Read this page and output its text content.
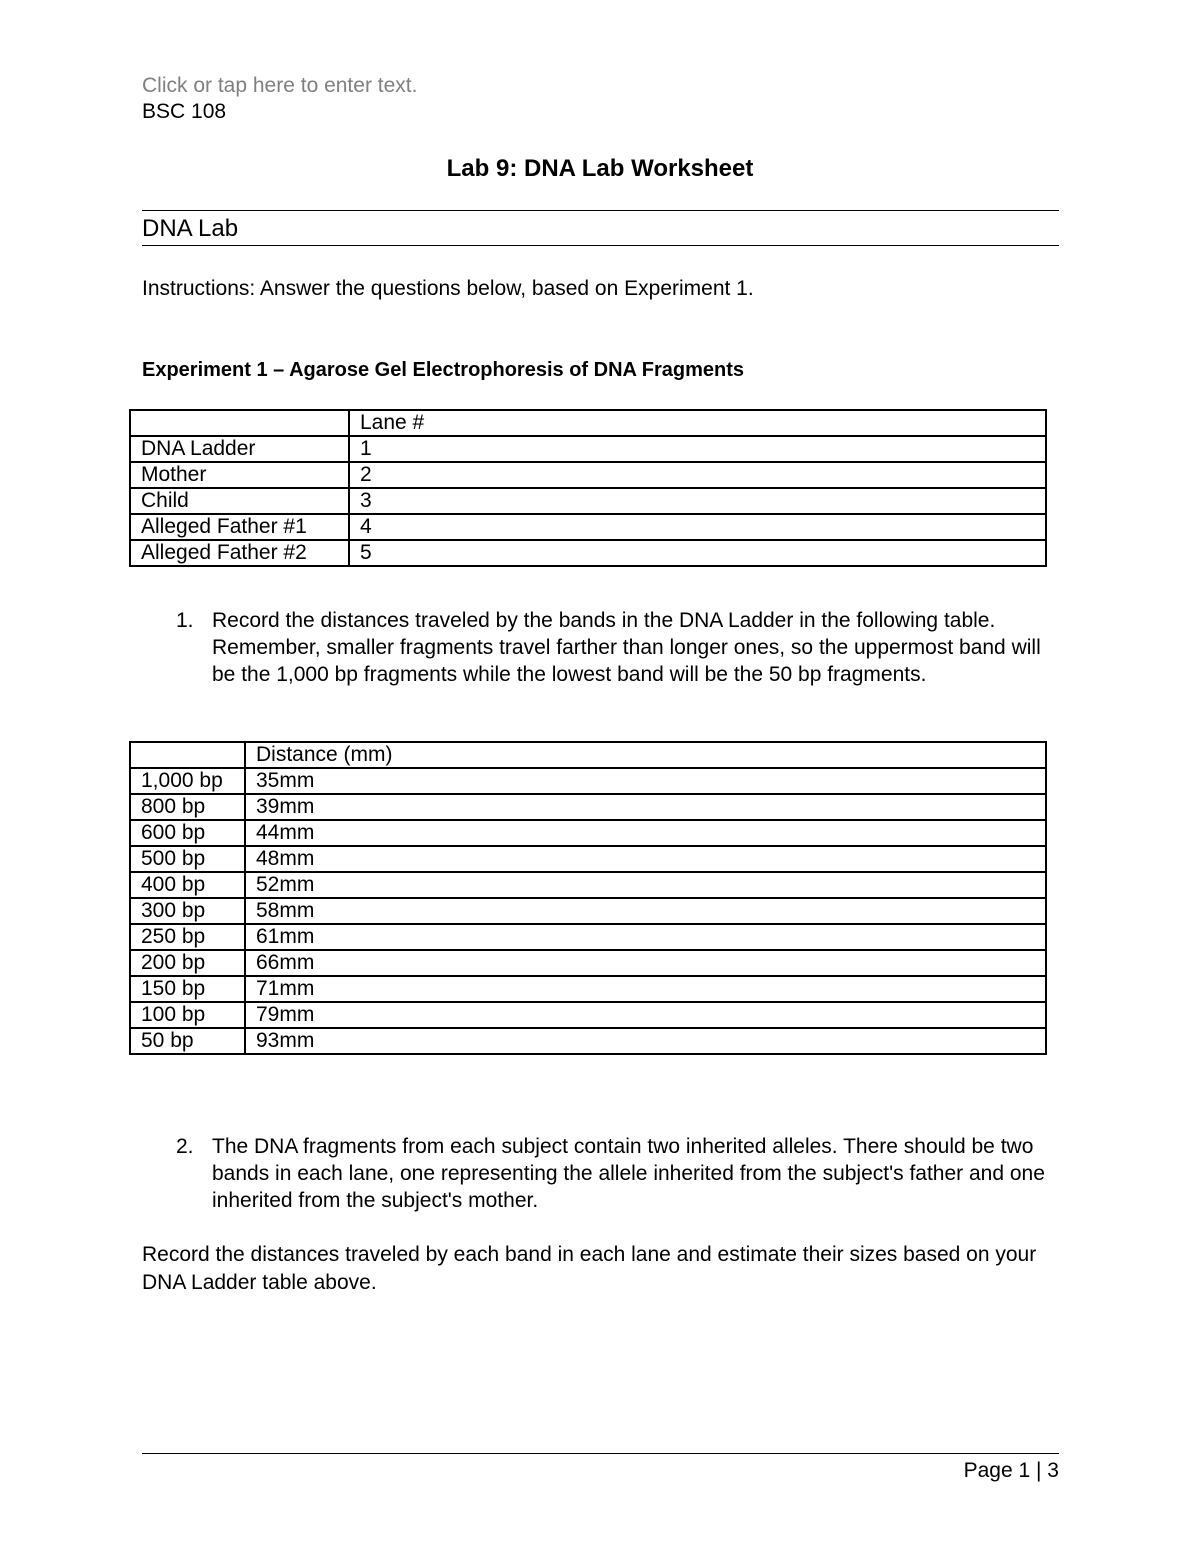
Click or tap here to enter text.
BSC 108
Lab 9: DNA Lab Worksheet
DNA Lab
Instructions: Answer the questions below, based on Experiment 1.
Experiment 1 – Agarose Gel Electrophoresis of DNA Fragments
	Lane #
DNA Ladder	1
Mother	2
Child	3
Alleged Father #1	4
Alleged Father #2	5
1. Record the distances traveled by the bands in the DNA Ladder in the following table. Remember, smaller fragments travel farther than longer ones, so the uppermost band will be the 1,000 bp fragments while the lowest band will be the 50 bp fragments.
	Distance (mm)
1,000 bp	35mm
800 bp	39mm
600 bp	44mm
500 bp	48mm
400 bp	52mm
300 bp	58mm
250 bp	61mm
200 bp	66mm
150 bp	71mm
100 bp	79mm
50 bp	93mm
2. The DNA fragments from each subject contain two inherited alleles. There should be two bands in each lane, one representing the allele inherited from the subject's father and one inherited from the subject's mother.
Record the distances traveled by each band in each lane and estimate their sizes based on your DNA Ladder table above.
Page 1 | 3
